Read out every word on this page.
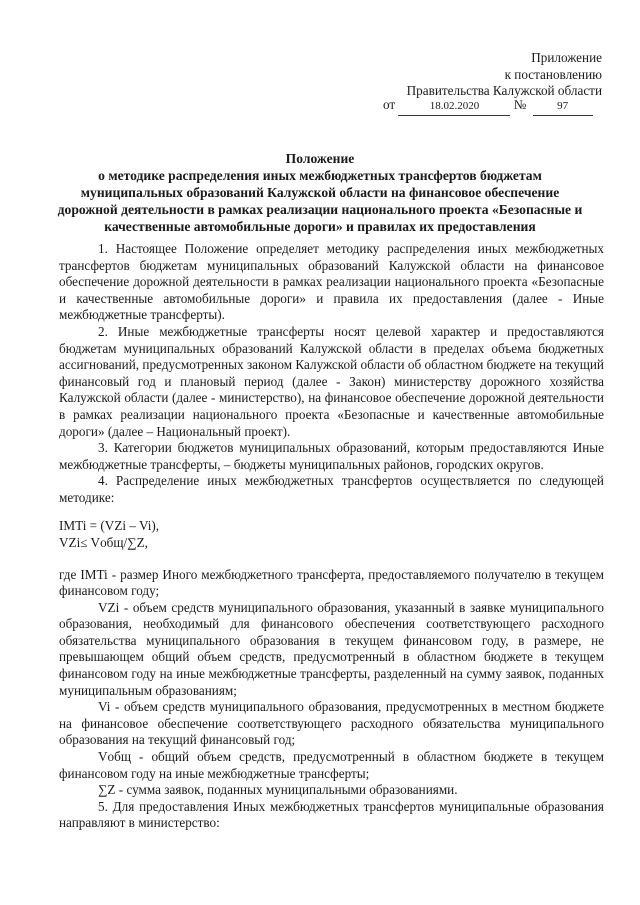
Приложение
к постановлению
Правительства Калужской области
от	18.02.2020	№	97
Положение
о методике распределения иных межбюджетных трансфертов бюджетам
муниципальных образований Калужской области на финансовое обеспечение
дорожной деятельности в рамках реализации национального проекта «Безопасные и
качественные автомобильные дороги» и правилах их предоставления

1. Настоящее Положение определяет методику распределения иных межбюджетных трансфертов бюджетам муниципальных образований Калужской области на финансовое обеспечение дорожной деятельности в рамках реализации национального проекта «Безопасные и качественные автомобильные дороги» и правила их предоставления (далее - Иные межбюджетные трансферты).

2. Иные межбюджетные трансферты носят целевой характер и предоставляются бюджетам муниципальных образований Калужской области в пределах объема бюджетных ассигнований, предусмотренных законом Калужской области об областном бюджете на текущий финансовый год и плановый период (далее - Закон) министерству дорожного хозяйства Калужской области (далее - министерство), на финансовое обеспечение дорожной деятельности в рамках реализации национального проекта «Безопасные и качественные автомобильные дороги» (далее – Национальный проект).

3. Категории бюджетов муниципальных образований, которым предоставляются Иные межбюджетные трансферты, – бюджеты муниципальных районов, городских округов.

4. Распределение иных межбюджетных трансфертов осуществляется по следующей методике:

IMTi = (VZi – Vi),

VZi≤ Vобщ/∑Z,

где IMTi - размер Иного межбюджетного трансферта, предоставляемого получателю в текущем финансовом году;

VZi - объем средств муниципального образования, указанный в заявке муниципального образования, необходимый для финансового обеспечения соответствующего расходного обязательства муниципального образования в текущем финансовом году, в размере, не превышающем общий объем средств, предусмотренный в областном бюджете в текущем финансовом году на иные межбюджетные трансферты, разделенный на сумму заявок, поданных муниципальным образованиям;

Vi - объем средств муниципального образования, предусмотренных в местном бюджете на финансовое обеспечение соответствующего расходного обязательства муниципального образования на текущий финансовый год;

Vобщ - общий объем средств, предусмотренный в областном бюджете в текущем финансовом году на иные межбюджетные трансферты;

∑Z - сумма заявок, поданных муниципальными образованиями.

5. Для предоставления Иных межбюджетных трансфертов муниципальные образования направляют в министерство:
